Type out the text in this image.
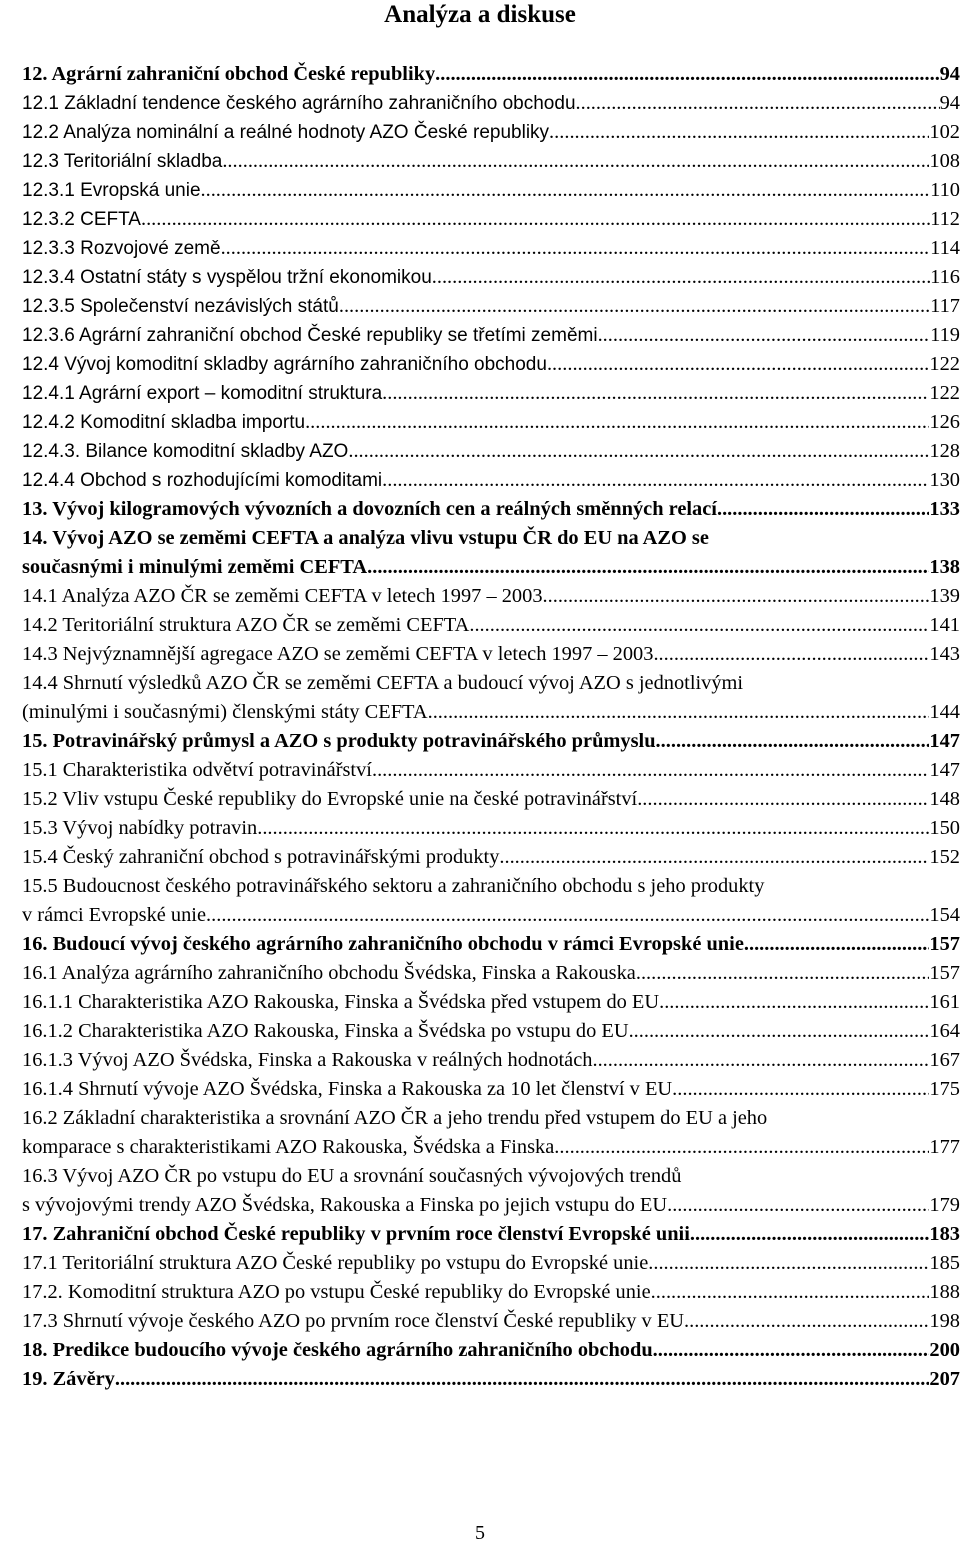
Analýza a diskuse
12. Agrární zahraniční obchod České republiky .....	94
12.1 Základní tendence českého agrárního zahraničního obchodu .....	94
12.2 Analýza nominální a reálné hodnoty AZO České republiky .....	102
12.3 Teritoriální skladba .....	108
12.3.1 Evropská unie .....	110
12.3.2 CEFTA .....	112
12.3.3 Rozvojové země .....	114
12.3.4 Ostatní státy s vyspělou tržní ekonomikou .....	116
12.3.5 Společenství nezávislých států .....	117
12.3.6 Agrární zahraniční obchod České republiky se třetími zeměmi .....	119
12.4 Vývoj komoditní skladby agrárního zahraničního obchodu .....	122
12.4.1 Agrární export – komoditní struktura .....	122
12.4.2 Komoditní skladba importu .....	126
12.4.3. Bilance komoditní skladby AZO .....	128
12.4.4 Obchod s rozhodujícími komoditami .....	130
13. Vývoj kilogramových vývozních a dovozních cen a reálných směnných relací .....	133
14. Vývoj AZO se zeměmi CEFTA a analýza vlivu vstupu ČR do EU na AZO se
současnými i minulými zeměmi CEFTA .....	138
14.1 Analýza AZO ČR se zeměmi CEFTA v letech 1997 – 2003 .....	139
14.2 Teritoriální struktura AZO ČR se zeměmi CEFTA .....	141
14.3 Nejvýznamnější agregace AZO se zeměmi CEFTA v letech 1997 – 2003 .....	143
14.4 Shrnutí výsledků AZO ČR se zeměmi CEFTA a budoucí vývoj AZO s jednotlivými
(minulými i současnými) členskými státy CEFTA .....	144
15. Potravinářský průmysl a AZO s produkty potravinářského průmyslu .....	147
15.1 Charakteristika odvětví potravinářství .....	147
15.2 Vliv vstupu České republiky do Evropské unie na české potravinářství .....	148
15.3 Vývoj nabídky potravin .....	150
15.4 Český zahraniční obchod s potravinářskými produkty .....	152
15.5 Budoucnost českého potravinářského sektoru a zahraničního obchodu s jeho produkty
v rámci Evropské unie .....	154
16. Budoucí vývoj českého agrárního zahraničního obchodu v rámci Evropské unie .....	157
16.1 Analýza agrárního zahraničního obchodu Švédska, Finska a Rakouska .....	157
16.1.1 Charakteristika AZO Rakouska, Finska a Švédska před vstupem do EU .....	161
16.1.2 Charakteristika AZO Rakouska, Finska a Švédska po vstupu do EU .....	164
16.1.3 Vývoj AZO Švédska, Finska a Rakouska v reálných hodnotách .....	167
16.1.4 Shrnutí vývoje AZO Švédska, Finska a Rakouska za 10 let členství v EU .....	175
16.2 Základní charakteristika a srovnání AZO ČR a jeho trendu před vstupem do EU a jeho
komparace s charakteristikami AZO Rakouska, Švédska a Finska .....	177
16.3 Vývoj AZO ČR po vstupu do EU a srovnání současných vývojových trendů
s vývojovými trendy AZO Švédska, Rakouska a Finska po jejich vstupu do EU .....	179
17. Zahraniční obchod České republiky v prvním roce členství Evropské unii .....	183
17.1 Teritoriální struktura AZO České republiky po vstupu do Evropské unie .....	185
17.2. Komoditní struktura AZO po vstupu České republiky do Evropské unie .....	188
17.3 Shrnutí vývoje českého AZO po prvním roce členství České republiky v EU .....	198
18. Predikce budoucího vývoje českého agrárního zahraničního obchodu .....	200
19. Závěry .....	207
5
